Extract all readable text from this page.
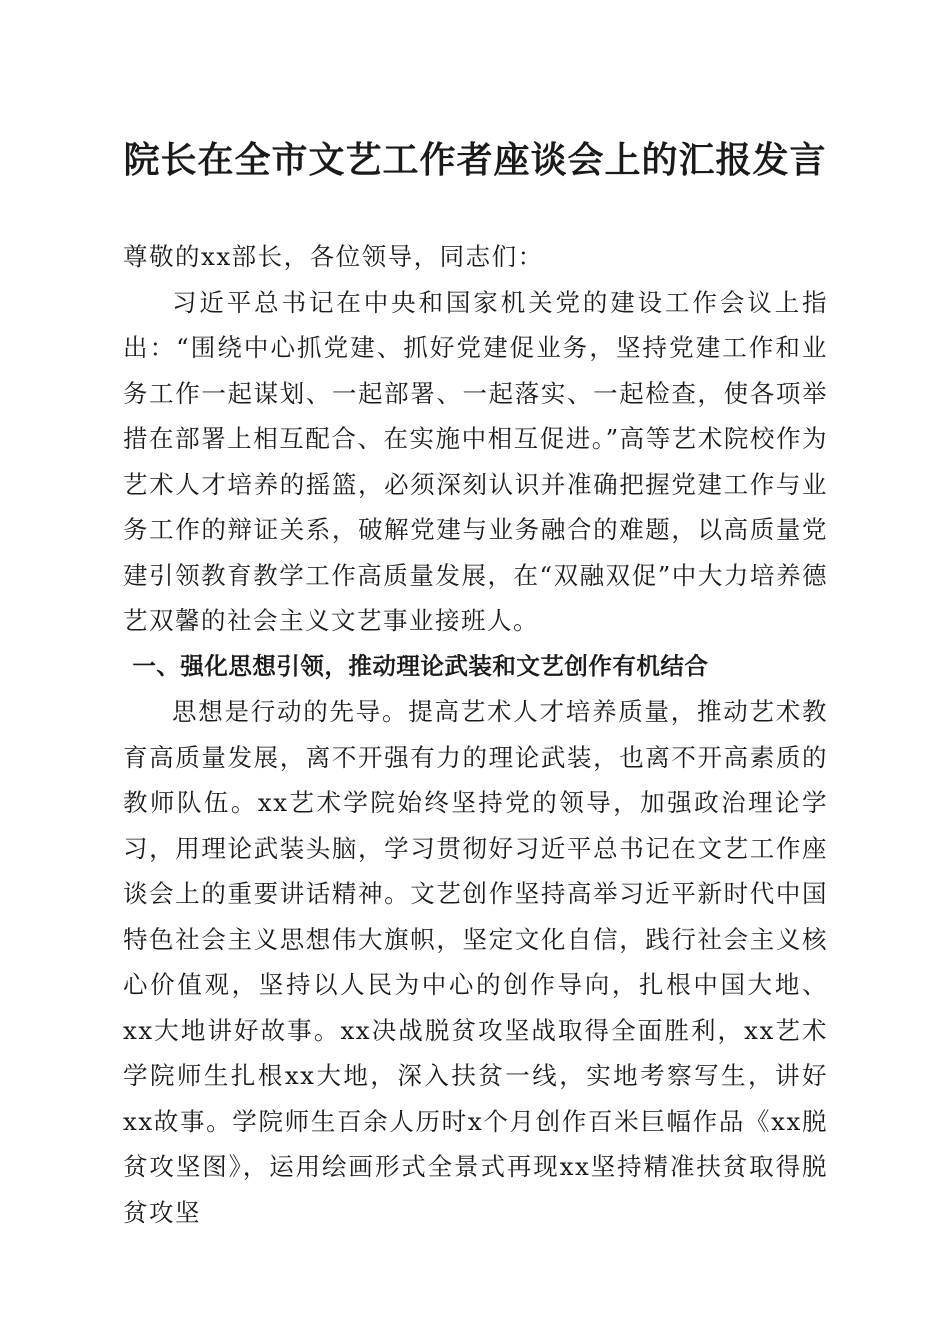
院长在全市文艺工作者座谈会上的汇报发言

尊敬的xx部长，各位领导，同志们：

习近平总书记在中央和国家机关党的建设工作会议上指出：“围绕中心抓党建、抓好党建促业务，坚持党建工作和业务工作一起谋划、一起部署、一起落实、一起检查，使各项举措在部署上相互配合、在实施中相互促进。”高等艺术院校作为艺术人才培养的摇篮，必须深刻认识并准确把握党建工作与业务工作的辩证关系，破解党建与业务融合的难题，以高质量党建引领教育教学工作高质量发展，在“双融双促”中大力培养德艺双馨的社会主义文艺事业接班人。

一、强化思想引领，推动理论武装和文艺创作有机结合

思想是行动的先导。提高艺术人才培养质量，推动艺术教育高质量发展，离不开强有力的理论武装，也离不开高素质的教师队伍。xx艺术学院始终坚持党的领导，加强政治理论学习，用理论武装头脑，学习贯彻好习近平总书记在文艺工作座谈会上的重要讲话精神。文艺创作坚持高举习近平新时代中国特色社会主义思想伟大旗帜，坚定文化自信，践行社会主义核心价值观，坚持以人民为中心的创作导向，扎根中国大地、xx大地讲好故事。xx决战脱贫攻坚战取得全面胜利，xx艺术学院师生扎根xx大地，深入扶贫一线，实地考察写生，讲好xx故事。学院师生百余人历时x个月创作百米巨幅作品《xx脱贫攻坚图》，运用绘画形式全景式再现xx坚持精准扶贫取得脱贫攻坚
